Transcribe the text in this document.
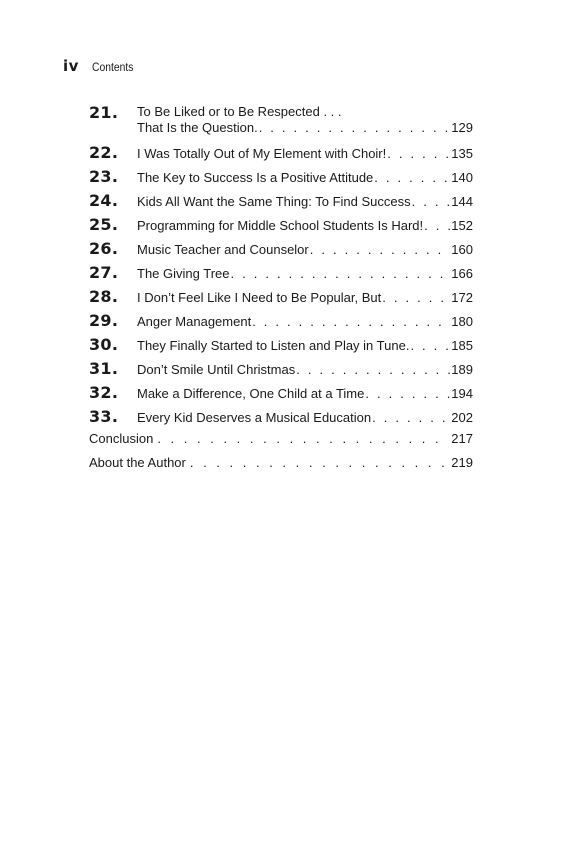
iv Contents
21.	To Be Liked or to Be Respected . . .
That Is the Question. . . .	129
22.	I Was Totally Out of My Element with Choir! . . .	135
23.	The Key to Success Is a Positive Attitude . . .	140
24.	Kids All Want the Same Thing: To Find Success . . .	144
25.	Programming for Middle School Students Is Hard! . . . 152
26.	Music Teacher and Counselor . . .	160
27.	The Giving Tree . . .	166
28.	I Don’t Feel Like I Need to Be Popular, But . . .	172
29.	Anger Management . . .	180
30.	They Finally Started to Listen and Play in Tune. . . .	185
31.	Don’t Smile Until Christmas . . .	189
32.	Make a Difference, One Child at a Time . . .	194
33.	Every Kid Deserves a Musical Education . . .	202
Conclusion . . .	217
About the Author . . .	219
